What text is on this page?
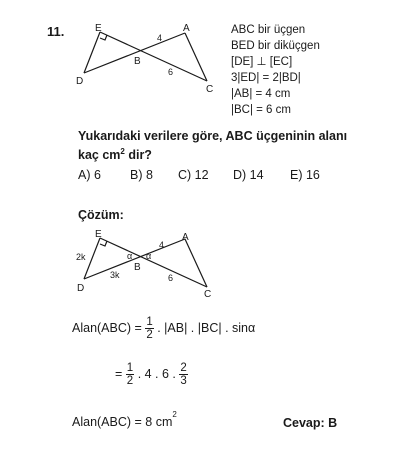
11.	E	A
B
D
C
4
6
ABC bir üçgen
BED bir diküçgen
[DE] ⊥ [EC]
3|ED| = 2|BD|
|AB| = 4 cm
|BC| = 6 cm
Yukarıdaki verilere göre, ABC üçgeninin alanı
kaç $cm^2$ dir?
A) 6 B) 8 C) 12 D) 14 E) 16
Çözüm:
E	A
B
D
C
2k
3k
4
6
α α
Alan(ABC) = $\frac{1}{2}$ . |AB| . |BC| . sinα
= $\frac{1}{2}$ . 4 . 6 . $\frac{2}{3}$
Alan(ABC) = 8 $cm^2$
Cevap: B
